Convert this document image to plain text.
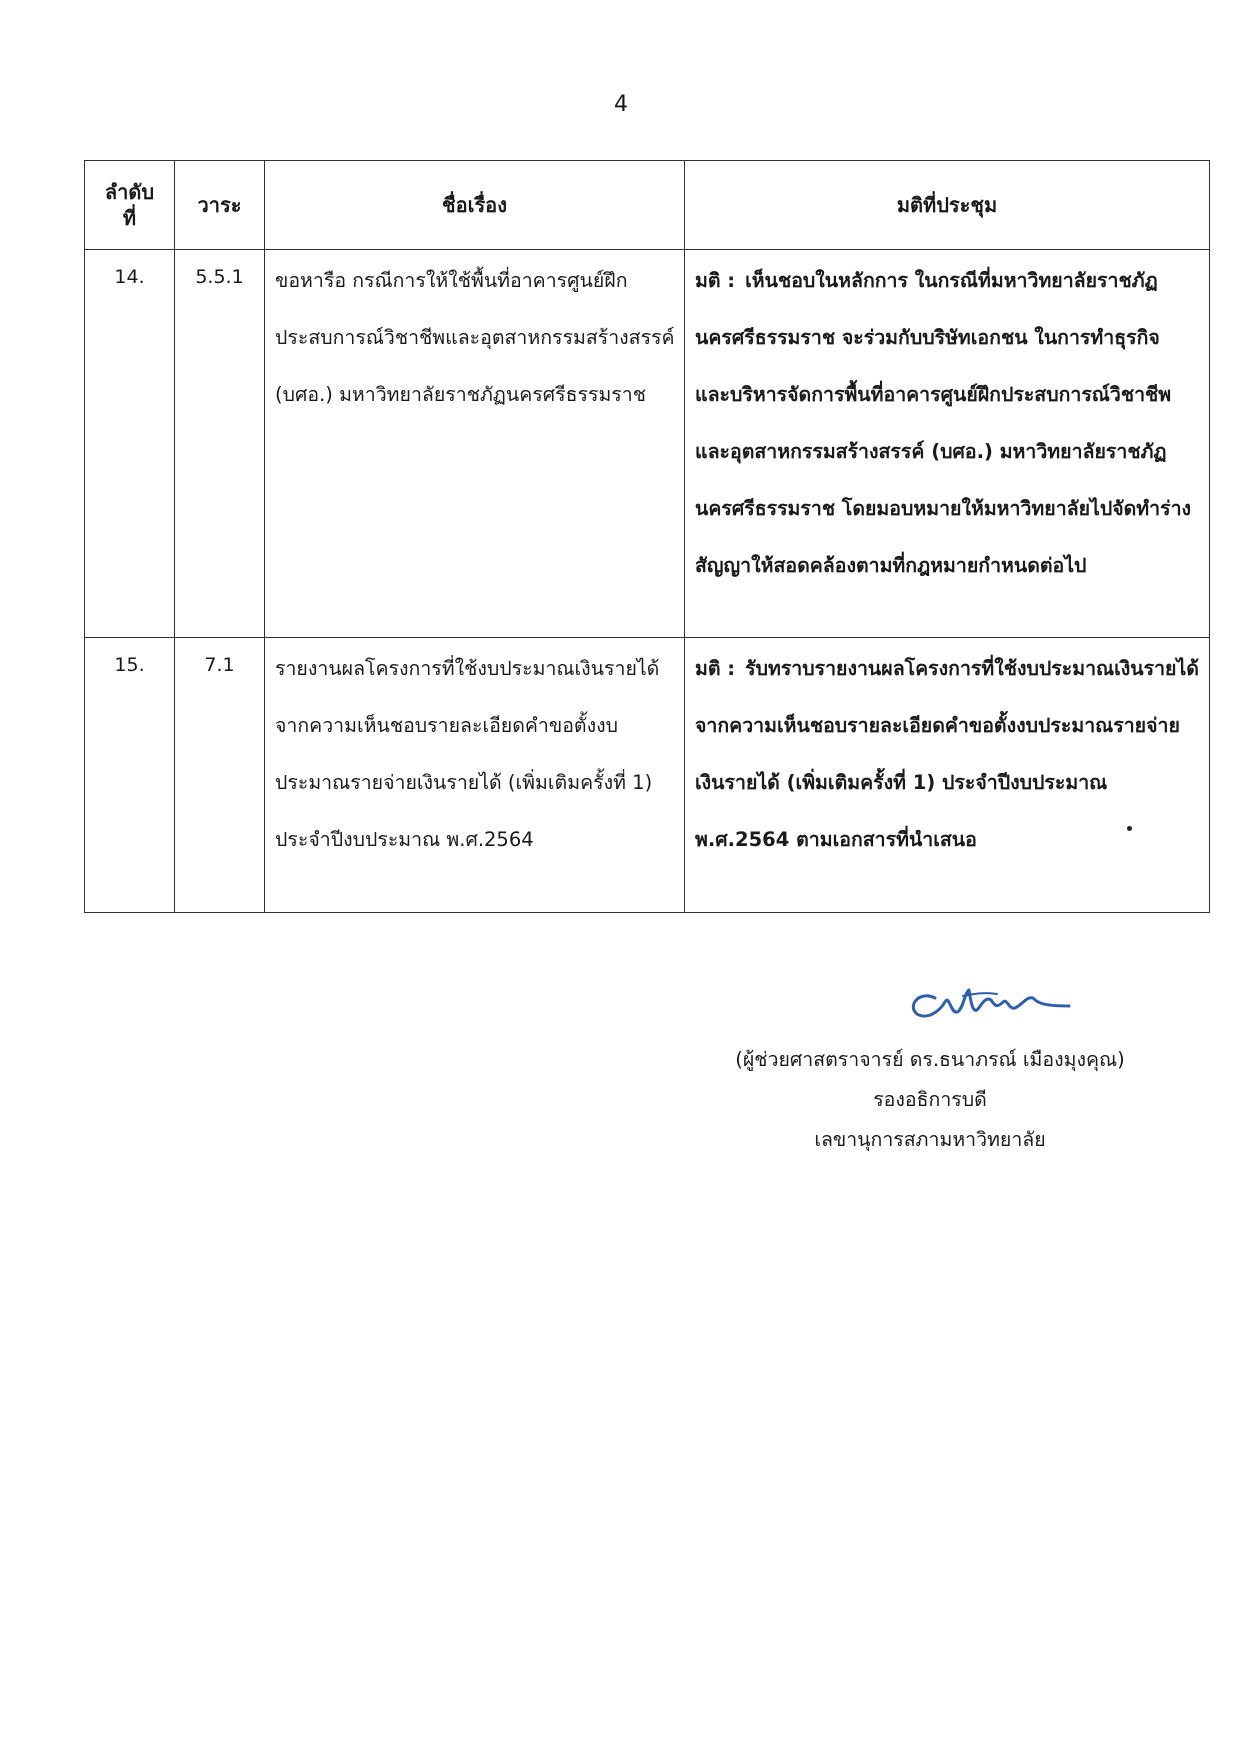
4
ลำดับ
ที่	วาระ	ชื่อเรื่อง	มติที่ประชุม
14.	5.5.1	ขอหารือ กรณีการให้ใช้พื้นที่อาคารศูนย์ฝึกประสบการณ์วิชาชีพและอุตสาหกรรมสร้างสรรค์ (บศอ.) มหาวิทยาลัยราชภัฏนครศรีธรรมราช	มติ : เห็นชอบในหลักการ ในกรณีที่มหาวิทยาลัยราชภัฏนครศรีธรรมราช จะร่วมกับบริษัทเอกชน ในการทำธุรกิจ และบริหารจัดการพื้นที่อาคารศูนย์ฝึกประสบการณ์วิชาชีพและอุตสาหกรรมสร้างสรรค์ (บศอ.) มหาวิทยาลัยราชภัฏนครศรีธรรมราช โดยมอบหมายให้มหาวิทยาลัยไปจัดทำร่างสัญญาให้สอดคล้องตามที่กฎหมายกำหนดต่อไป
15.	7.1	รายงานผลโครงการที่ใช้งบประมาณเงินรายได้ จากความเห็นชอบรายละเอียดคำขอตั้งงบประมาณรายจ่ายเงินรายได้ (เพิ่มเติมครั้งที่ 1) ประจำปีงบประมาณ พ.ศ.2564	มติ : รับทราบรายงานผลโครงการที่ใช้งบประมาณเงินรายได้ จากความเห็นชอบรายละเอียดคำขอตั้งงบประมาณรายจ่ายเงินรายได้ (เพิ่มเติมครั้งที่ 1) ประจำปีงบประมาณ พ.ศ.2564 ตามเอกสารที่นำเสนอ
(ผู้ช่วยศาสตราจารย์ ดร.ธนาภรณ์ เมืองมุงคุณ)
รองอธิการบดี
เลขานุการสภามหาวิทยาลัย
